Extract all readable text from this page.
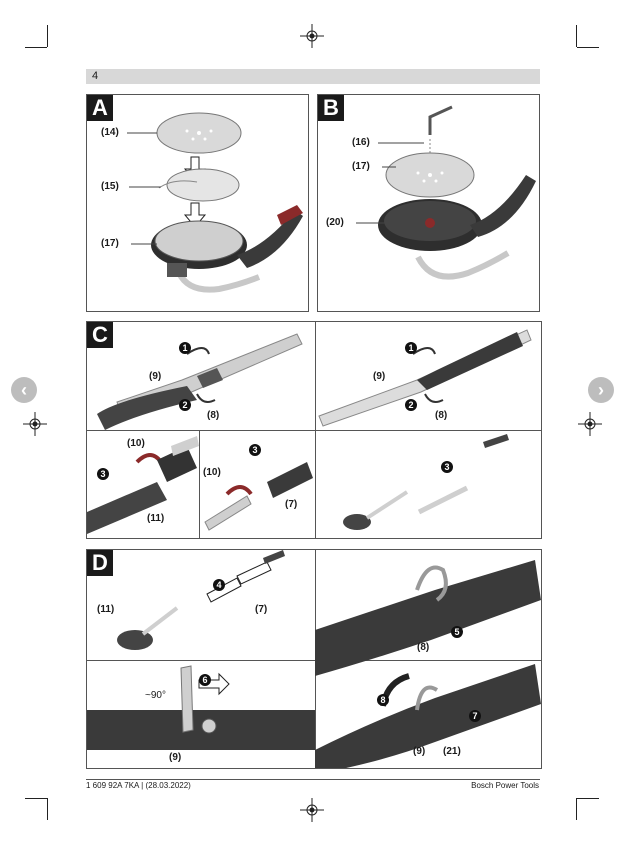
4
‹	›
A
(14)
(15)
(17)
B
(16)
(17)
(20)
C
1
2
(9)
(8)
1
2
(9)
(8)
(10)
(11)
3	(10)
(7)
3
3
D
(11)	(7)
4
(8)
5
~90°
(9)
6
(9) (21)
8
7
1 609 92A 7KA | (28.03.2022)	Bosch Power Tools
